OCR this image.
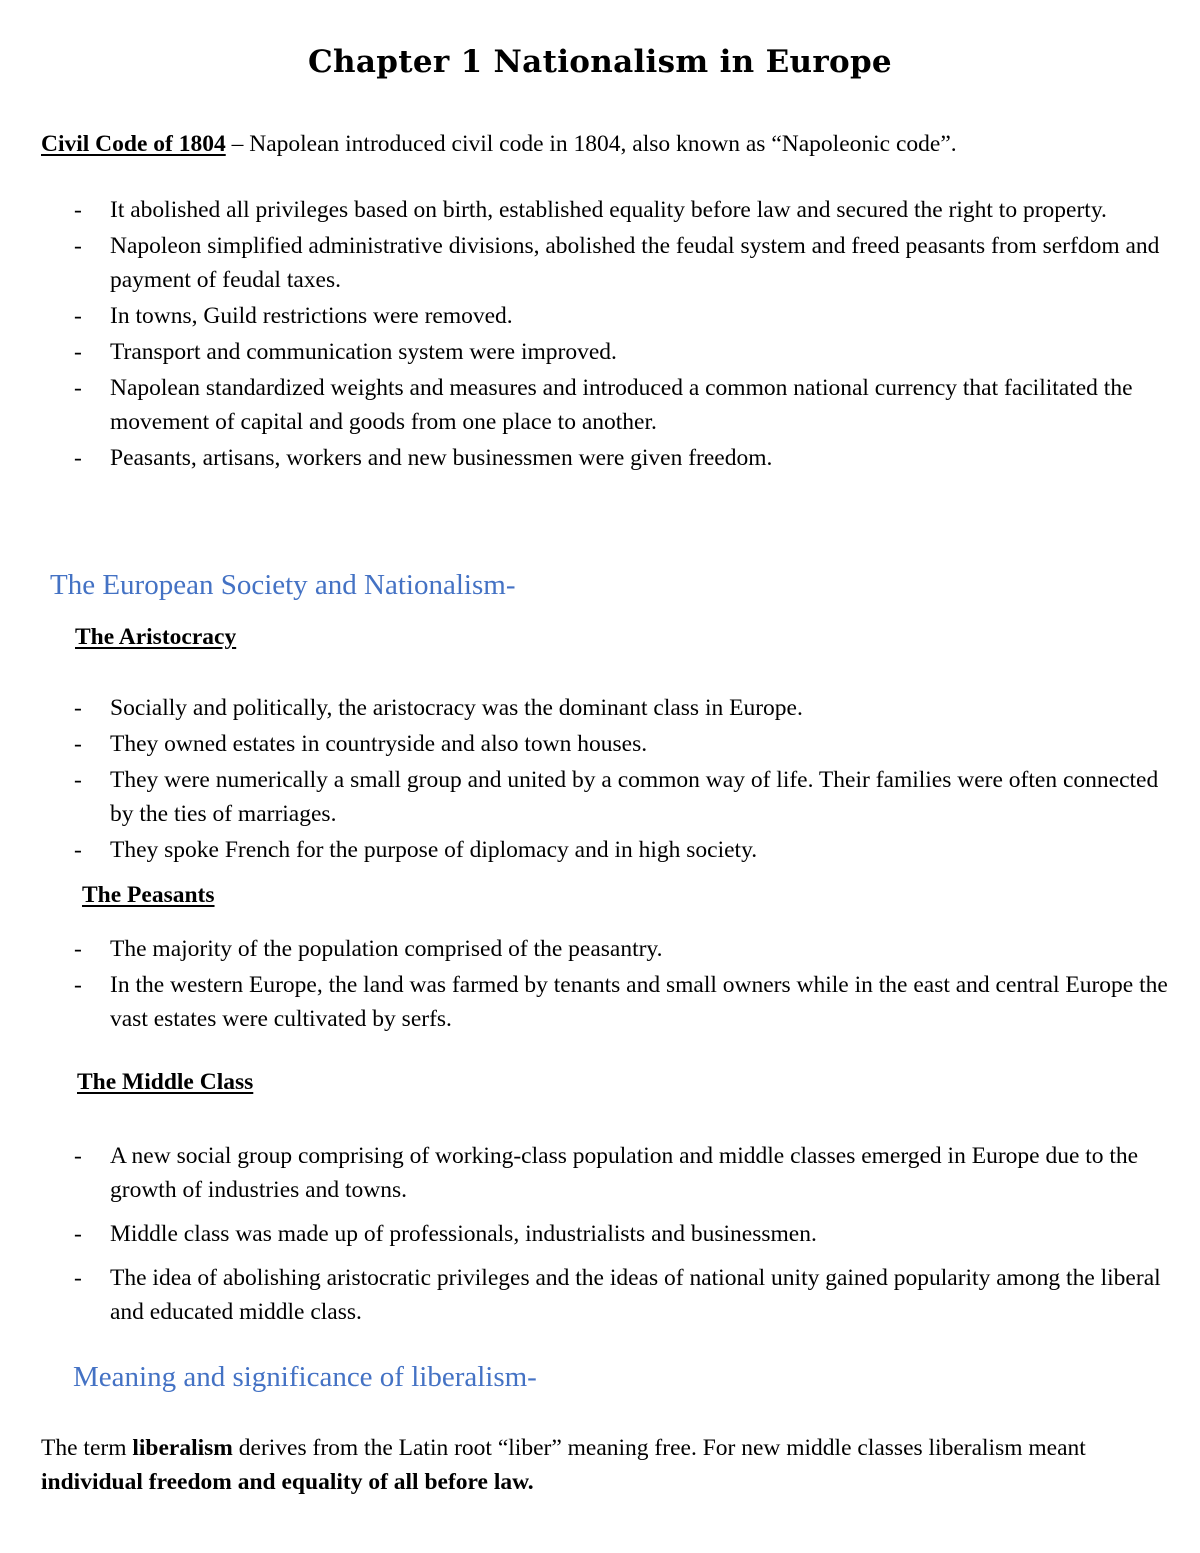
Chapter 1 Nationalism in Europe
Civil Code of 1804 – Napolean introduced civil code in 1804, also known as “Napoleonic code”.
- It abolished all privileges based on birth, established equality before law and secured the right to property.
- Napoleon simplified administrative divisions, abolished the feudal system and freed peasants from serfdom and payment of feudal taxes.
- In towns, Guild restrictions were removed.
- Transport and communication system were improved.
- Napolean standardized weights and measures and introduced a common national currency that facilitated the movement of capital and goods from one place to another.
- Peasants, artisans, workers and new businessmen were given freedom.
The European Society and Nationalism-
The Aristocracy
- Socially and politically, the aristocracy was the dominant class in Europe.
- They owned estates in countryside and also town houses.
- They were numerically a small group and united by a common way of life. Their families were often connected by the ties of marriages.
- They spoke French for the purpose of diplomacy and in high society.
The Peasants
- The majority of the population comprised of the peasantry.
- In the western Europe, the land was farmed by tenants and small owners while in the east and central Europe the vast estates were cultivated by serfs.
The Middle Class
- A new social group comprising of working-class population and middle classes emerged in Europe due to the growth of industries and towns.
- Middle class was made up of professionals, industrialists and businessmen.
- The idea of abolishing aristocratic privileges and the ideas of national unity gained popularity among the liberal and educated middle class.
Meaning and significance of liberalism-
The term liberalism derives from the Latin root “liber” meaning free. For new middle classes liberalism meant individual freedom and equality of all before law.
